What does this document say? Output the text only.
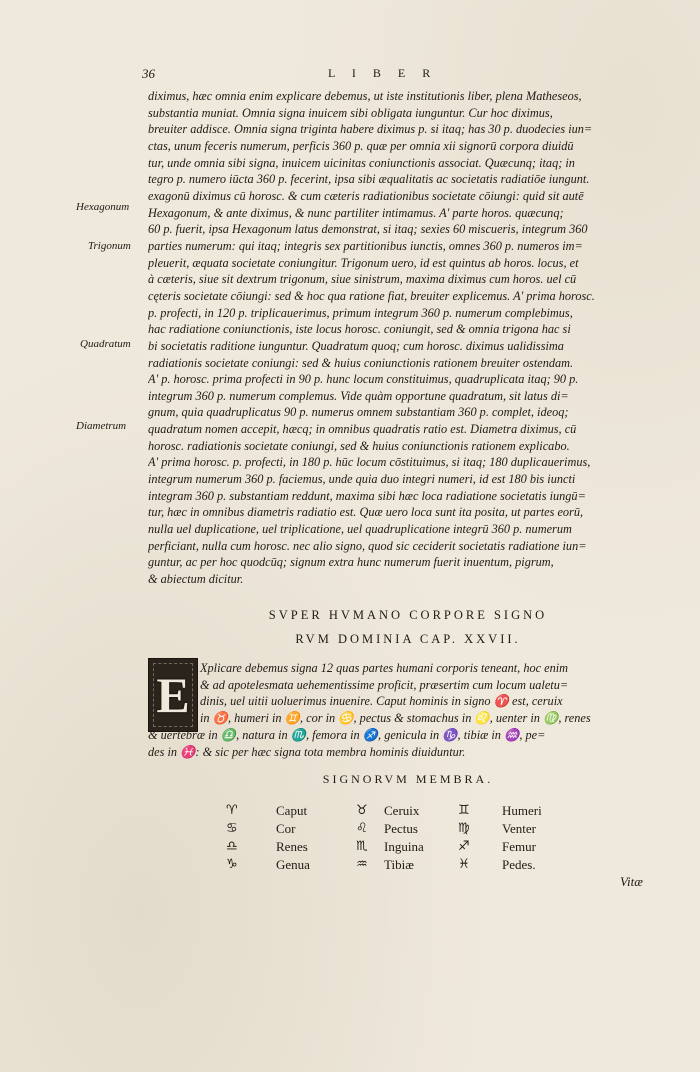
36	L I B E R
Hexagonum
Trigonum
Quadratum
Diametrum
diximus, hæc omnia enim explicare debemus, ut iste institutionis liber, plena Matheseos,
substantia muniat. Omnia signa inuicem sibi obligata iunguntur. Cur hoc diximus,
breuiter addisce. Omnia signa triginta habere diximus p. si itaq; has 30 p. duodecies iun=
ctas, unum feceris numerum, perficis 360 p. quæ per omnia xii signorū corpora diuidū
tur, unde omnia sibi signa, inuicem uicinitas coniunctionis associat. Quæcunq; itaq; in
tegro p. numero iūcta 360 p. fecerint, ipsa sibi æqualitatis ac societatis radiatiōe iungunt.
exagonū diximus cū horosc. & cum cæteris radiationibus societate cōiungi: quid sit autē
Hexagonum, & ante diximus, & nunc partiliter intimamus. A' parte horos. quæcunq;
60 p. fuerit, ipsa Hexagonum latus demonstrat, si itaq; sexies 60 miscueris, integrum 360
parties numerum: qui itaq; integris sex partitionibus iunctis, omnes 360 p. numeros im=
pleuerit, æquata societate coniungitur. Trigonum uero, id est quintus ab horos. locus, et
à cæteris, siue sit dextrum trigonum, siue sinistrum, maxima diximus cum horos. uel cū
cęteris societate cōiungi: sed & hoc qua ratione fiat, breuiter explicemus. A' prima horosc.
p. profecti, in 120 p. triplicauerimus, primum integrum 360 p. numerum complebimus,
hac radiatione coniunctionis, iste locus horosc. coniungit, sed & omnia trigona hac si
bi societatis raditione iunguntur. Quadratum quoq; cum horosc. diximus ualidissima
radiationis societate coniungi: sed & huius coniunctionis rationem breuiter ostendam.
A' p. horosc. prima profecti in 90 p. hunc locum constituimus, quadruplicata itaq; 90 p.
integrum 360 p. numerum complemus. Vide quàm opportune quadratum, sit latus di=
gnum, quia quadruplicatus 90 p. numerus omnem substantiam 360 p. complet, ideoq;
quadratum nomen accepit, hæcq; in omnibus quadratis ratio est. Diametra diximus, cū
horosc. radiationis societate coniungi, sed & huius coniunctionis rationem explicabo.
A' prima horosc. p. profecti, in 180 p. hūc locum cōstituimus, si itaq; 180 duplicauerimus,
integrum numerum 360 p. faciemus, unde quia duo integri numeri, id est 180 bis iuncti
integram 360 p. substantiam reddunt, maxima sibi hæc loca radiatione societatis iungū=
tur, hæc in omnibus diametris radiatio est. Quæ uero loca sunt ita posita, ut partes eorū,
nulla uel duplicatione, uel triplicatione, uel quadruplicatione integrū 360 p. numerum
perficiant, nulla cum horosc. nec alio signo, quod sic ceciderit societatis radiatione iun=
guntur, ac per hoc quodcūq; signum extra hunc numerum fuerit inuentum, pigrum,
& abiectum dicitur.
SVPER HVMANO CORPORE SIGNO
RVM DOMINIA CAP. XXVII.
E Xplicare debemus signa 12 quas partes humani corporis teneant, hoc enim
& ad apotelesmata uehementissime proficit, præsertim cum locum ualetu=
dinis, uel uitii uoluerimus inuenire. Caput hominis in signo ♈ est, ceruix
in ♉, humeri in ♊, cor in ♋, pectus & stomachus in ♌, uenter in ♍, renes
& uertebræ in ♎, natura in ♏, femora in ♐, genicula in ♑, tibiæ in ♒, pe=
des in ♓: & sic per hæc signa tota membra hominis diuiduntur.
SIGNORVM MEMBRA.
♈	Caput	♉ Ceruix	♊ Humeri
♋	Cor	♌ Pectus	♍ Venter
♎	Renes	♏ Inguina	♐ Femur
♑	Genua	♒ Tibiæ	♓ Pedes.
Vitæ
